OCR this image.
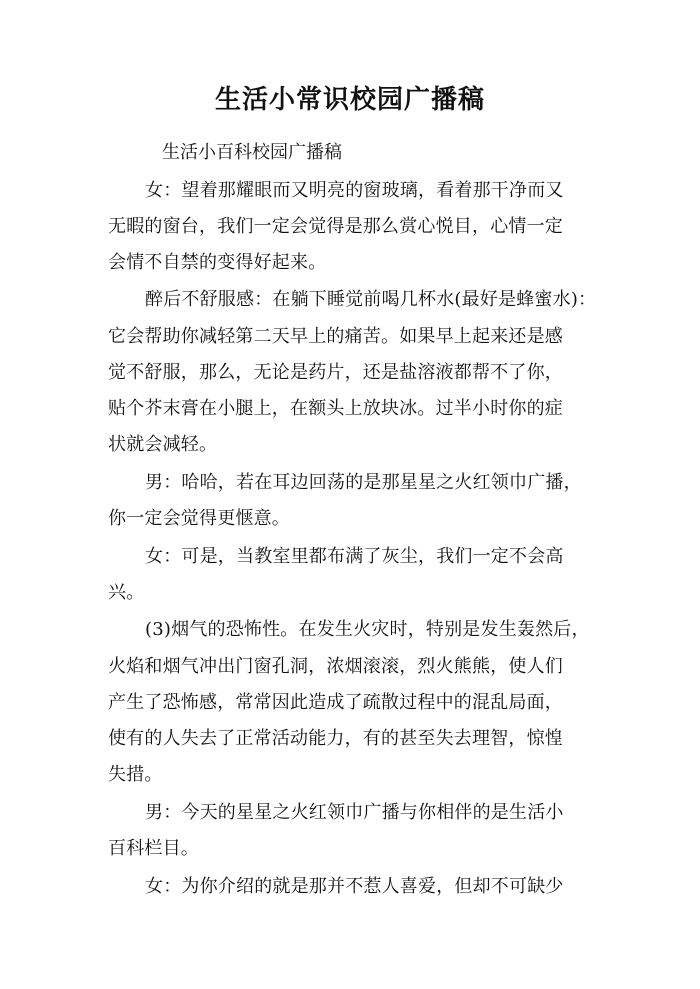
生活小常识校园广播稿

生活小百科校园广播稿

女：望着那耀眼而又明亮的窗玻璃，看着那干净而又
无暇的窗台，我们一定会觉得是那么赏心悦目，心情一定
会情不自禁的变得好起来。
醉后不舒服感：在躺下睡觉前喝几杯水(最好是蜂蜜水)：
它会帮助你减轻第二天早上的痛苦。如果早上起来还是感
觉不舒服，那么，无论是药片，还是盐溶液都帮不了你，
贴个芥末膏在小腿上，在额头上放块冰。过半小时你的症
状就会减轻。
男：哈哈，若在耳边回荡的是那星星之火红领巾广播，
你一定会觉得更惬意。
女：可是，当教室里都布满了灰尘，我们一定不会高
兴。
(3)烟气的恐怖性。在发生火灾时，特别是发生轰然后，
火焰和烟气冲出门窗孔洞，浓烟滚滚，烈火熊熊，使人们
产生了恐怖感，常常因此造成了疏散过程中的混乱局面，
使有的人失去了正常活动能力，有的甚至失去理智，惊惶
失措。
男：今天的星星之火红领巾广播与你相伴的是生活小
百科栏目。
女：为你介绍的就是那并不惹人喜爱，但却不可缺少
